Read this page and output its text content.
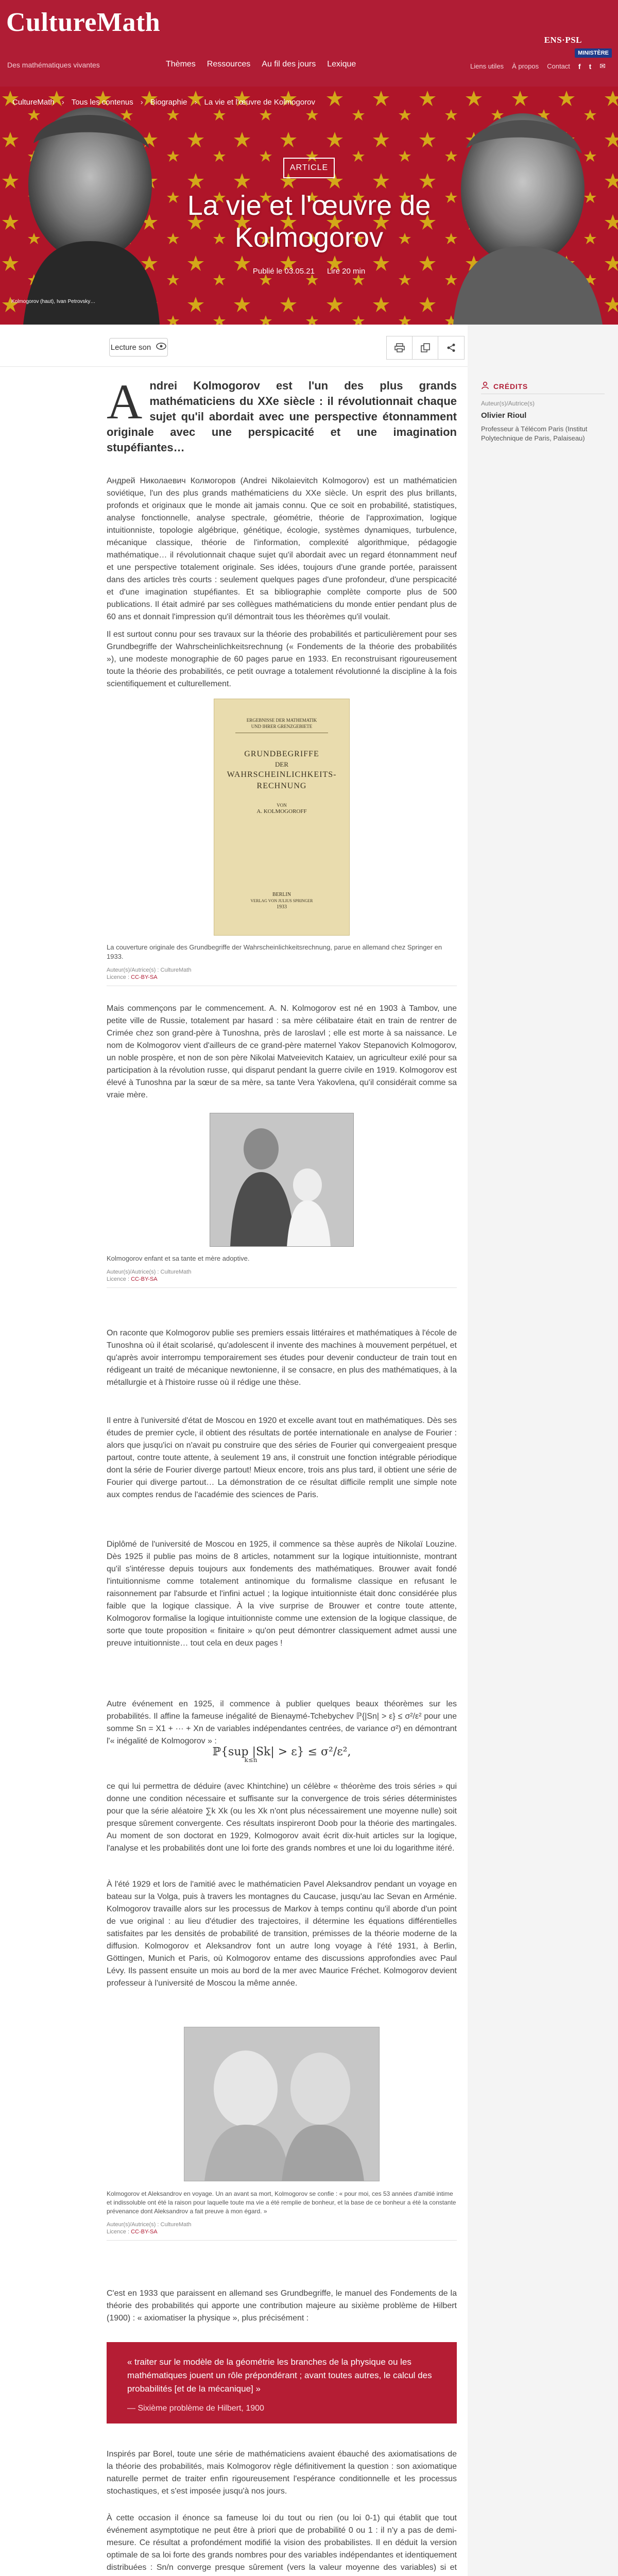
CultureMath
Des mathématiques vivantes	Thèmes Ressources Au fil des jours Lexique
ENS·PSL
MINISTÈRE
Liens utiles À propos Contact f t ✉
CultureMath › Tous les contenus › Biographie › La vie et l'œuvre de Kolmogorov
ARTICLE
La vie et l'œuvre de Kolmogorov
Publié le 03.05.21 Lire 20 min
Kolmogorov (haut), Ivan Petrovsky…
Lecture son
CRÉDITS
Auteur(s)/Autrice(s)
Olivier Rioul
Professeur à Télécom Paris (Institut Polytechnique de Paris, Palaiseau)
A ndrei Kolmogorov est l'un des plus grands mathématiciens du XXe siècle : il révolutionnait chaque sujet qu'il abordait avec une perspective étonnamment originale avec une perspicacité et une imagination stupéfiantes…

Андрей Николаевич Колмогоров (Andrei Nikolaievitch Kolmogorov) est un mathématicien soviétique, l'un des plus grands mathématiciens du XXe siècle. Un esprit des plus brillants, profonds et originaux que le monde ait jamais connu. Que ce soit en probabilité, statistiques, analyse fonctionnelle, analyse spectrale, géométrie, théorie de l'approximation, logique intuitionniste, topologie algébrique, génétique, écologie, systèmes dynamiques, turbulence, mécanique classique, théorie de l'information, complexité algorithmique, pédagogie mathématique… il révolutionnait chaque sujet qu'il abordait avec un regard étonnamment neuf et une perspective totalement originale. Ses idées, toujours d'une grande portée, paraissent dans des articles très courts : seulement quelques pages d'une profondeur, d'une perspicacité et d'une imagination stupéfiantes. Et sa bibliographie complète comporte plus de 500 publications. Il était admiré par ses collègues mathématiciens du monde entier pendant plus de 60 ans et donnait l'impression qu'il démontrait tous les théorèmes qu'il voulait.

Il est surtout connu pour ses travaux sur la théorie des probabilités et particulièrement pour ses Grundbegriffe der Wahrscheinlichkeitsrechnung (« Fondements de la théorie des probabilités »), une modeste monographie de 60 pages parue en 1933. En reconstruisant rigoureusement toute la théorie des probabilités, ce petit ouvrage a totalement révolutionné la discipline à la fois scientifiquement et culturellement.

ERGEBNISSE DER MATHEMATIK
UND IHRER GRENZGEBIETE
GRUNDBEGRIFFE
DER
WAHRSCHEINLICHKEITS-
RECHNUNG
VON
A. KOLMOGOROFF
BERLIN
VERLAG VON JULIUS SPRINGER
1933
La couverture originale des Grundbegriffe der Wahrscheinlichkeitsrechnung, parue en allemand chez Springer en 1933.
Auteur(s)/Autrice(s) : CultureMath
Licence : CC-BY-SA

Mais commençons par le commencement. A. N. Kolmogorov est né en 1903 à Tambov, une petite ville de Russie, totalement par hasard : sa mère célibataire était en train de rentrer de Crimée chez son grand-père à Tunoshna, près de Iaroslavl ; elle est morte à sa naissance. Le nom de Kolmogorov vient d'ailleurs de ce grand-père maternel Yakov Stepanovich Kolmogorov, un noble prospère, et non de son père Nikolai Matveievitch Kataiev, un agriculteur exilé pour sa participation à la révolution russe, qui disparut pendant la guerre civile en 1919. Kolmogorov est élevé à Tunoshna par la sœur de sa mère, sa tante Vera Yakovlena, qu'il considérait comme sa vraie mère.

Kolmogorov enfant et sa tante et mère adoptive.
Auteur(s)/Autrice(s) : CultureMath
Licence : CC-BY-SA

On raconte que Kolmogorov publie ses premiers essais littéraires et mathématiques à l'école de Tunoshna où il était scolarisé, qu'adolescent il invente des machines à mouvement perpétuel, et qu'après avoir interrompu temporairement ses études pour devenir conducteur de train tout en rédigeant un traité de mécanique newtonienne, il se consacre, en plus des mathématiques, à la métallurgie et à l'histoire russe où il rédige une thèse.

Il entre à l'université d'état de Moscou en 1920 et excelle avant tout en mathématiques. Dès ses études de premier cycle, il obtient des résultats de portée internationale en analyse de Fourier : alors que jusqu'ici on n'avait pu construire que des séries de Fourier qui convergeaient presque partout, contre toute attente, à seulement 19 ans, il construit une fonction intégrable périodique dont la série de Fourier diverge partout! Mieux encore, trois ans plus tard, il obtient une série de Fourier qui diverge partout… La démonstration de ce résultat difficile remplit une simple note aux comptes rendus de l'académie des sciences de Paris.

Diplômé de l'université de Moscou en 1925, il commence sa thèse auprès de Nikolaï Louzine. Dès 1925 il publie pas moins de 8 articles, notamment sur la logique intuitionniste, montrant qu'il s'intéresse depuis toujours aux fondements des mathématiques. Brouwer avait fondé l'intuitionnisme comme totalement antinomique du formalisme classique en refusant le raisonnement par l'absurde et l'infini actuel ; la logique intuitionniste était donc considérée plus faible que la logique classique. À la vive surprise de Brouwer et contre toute attente, Kolmogorov formalise la logique intuitionniste comme une extension de la logique classique, de sorte que toute proposition « finitaire » qu'on peut démontrer classiquement admet aussi une preuve intuitionniste… tout cela en deux pages !

Autre événement en 1925, il commence à publier quelques beaux théorèmes sur les probabilités. Il affine la fameuse inégalité de Bienaymé-Tchebychev ℙ{|Sn| > ε} ≤ σ²/ε² pour une somme Sn = X1 + ··· + Xn de variables indépendantes centrées, de variance σ²) en démontrant l'« inégalité de Kolmogorov » :

ℙ{sup |Sk| > ε} ≤ σ²/ε²,
k≤n

ce qui lui permettra de déduire (avec Khintchine) un célèbre « théorème des trois séries » qui donne une condition nécessaire et suffisante sur la convergence de trois séries déterministes pour que la série aléatoire ∑k Xk (ou les Xk n'ont plus nécessairement une moyenne nulle) soit presque sûrement convergente. Ces résultats inspireront Doob pour la théorie des martingales. Au moment de son doctorat en 1929, Kolmogorov avait écrit dix-huit articles sur la logique, l'analyse et les probabilités dont une loi forte des grands nombres et une loi du logarithme itéré.

À l'été 1929 et lors de l'amitié avec le mathématicien Pavel Aleksandrov pendant un voyage en bateau sur la Volga, puis à travers les montagnes du Caucase, jusqu'au lac Sevan en Arménie. Kolmogorov travaille alors sur les processus de Markov à temps continu qu'il aborde d'un point de vue original : au lieu d'étudier des trajectoires, il détermine les équations différentielles satisfaites par les densités de probabilité de transition, prémisses de la théorie moderne de la diffusion. Kolmogorov et Aleksandrov font un autre long voyage à l'été 1931, à Berlin, Göttingen, Munich et Paris, où Kolmogorov entame des discussions approfondies avec Paul Lévy. Ils passent ensuite un mois au bord de la mer avec Maurice Fréchet. Kolmogorov devient professeur à l'université de Moscou la même année.

Kolmogorov et Aleksandrov en voyage. Un an avant sa mort, Kolmogorov se confie : « pour moi, ces 53 années d'amitié intime et indissoluble ont été la raison pour laquelle toute ma vie a été remplie de bonheur, et la base de ce bonheur a été la constante prévenance dont Aleksandrov a fait preuve à mon égard. »
Auteur(s)/Autrice(s) : CultureMath
Licence : CC-BY-SA

C'est en 1933 que paraissent en allemand ses Grundbegriffe, le manuel des Fondements de la théorie des probabilités qui apporte une contribution majeure au sixième problème de Hilbert (1900) : « axiomatiser la physique », plus précisément :

« traiter sur le modèle de la géométrie les branches de la physique ou les mathématiques jouent un rôle prépondérant ; avant toutes autres, le calcul des probabilités [et de la mécanique] »
— Sixième problème de Hilbert, 1900

Inspirés par Borel, toute une série de mathématiciens avaient ébauché des axiomatisations de la théorie des probabilités, mais Kolmogorov règle définitivement la question : son axiomatique naturelle permet de traiter enfin rigoureusement l'espérance conditionnelle et les processus stochastiques, et s'est imposée jusqu'à nos jours.

À cette occasion il énonce sa fameuse loi du tout ou rien (ou loi 0-1) qui établit que tout événement asymptotique ne peut être à priori que de probabilité 0 ou 1 : il n'y a pas de demi-mesure. Ce résultat a profondément modifié la vision des probabilistes. Il en déduit la version optimale de sa loi forte des grands nombres pour des variables indépendantes et identiquement distribuées : Sn/n converge presque sûrement (vers la valeur moyenne des variables) si et
